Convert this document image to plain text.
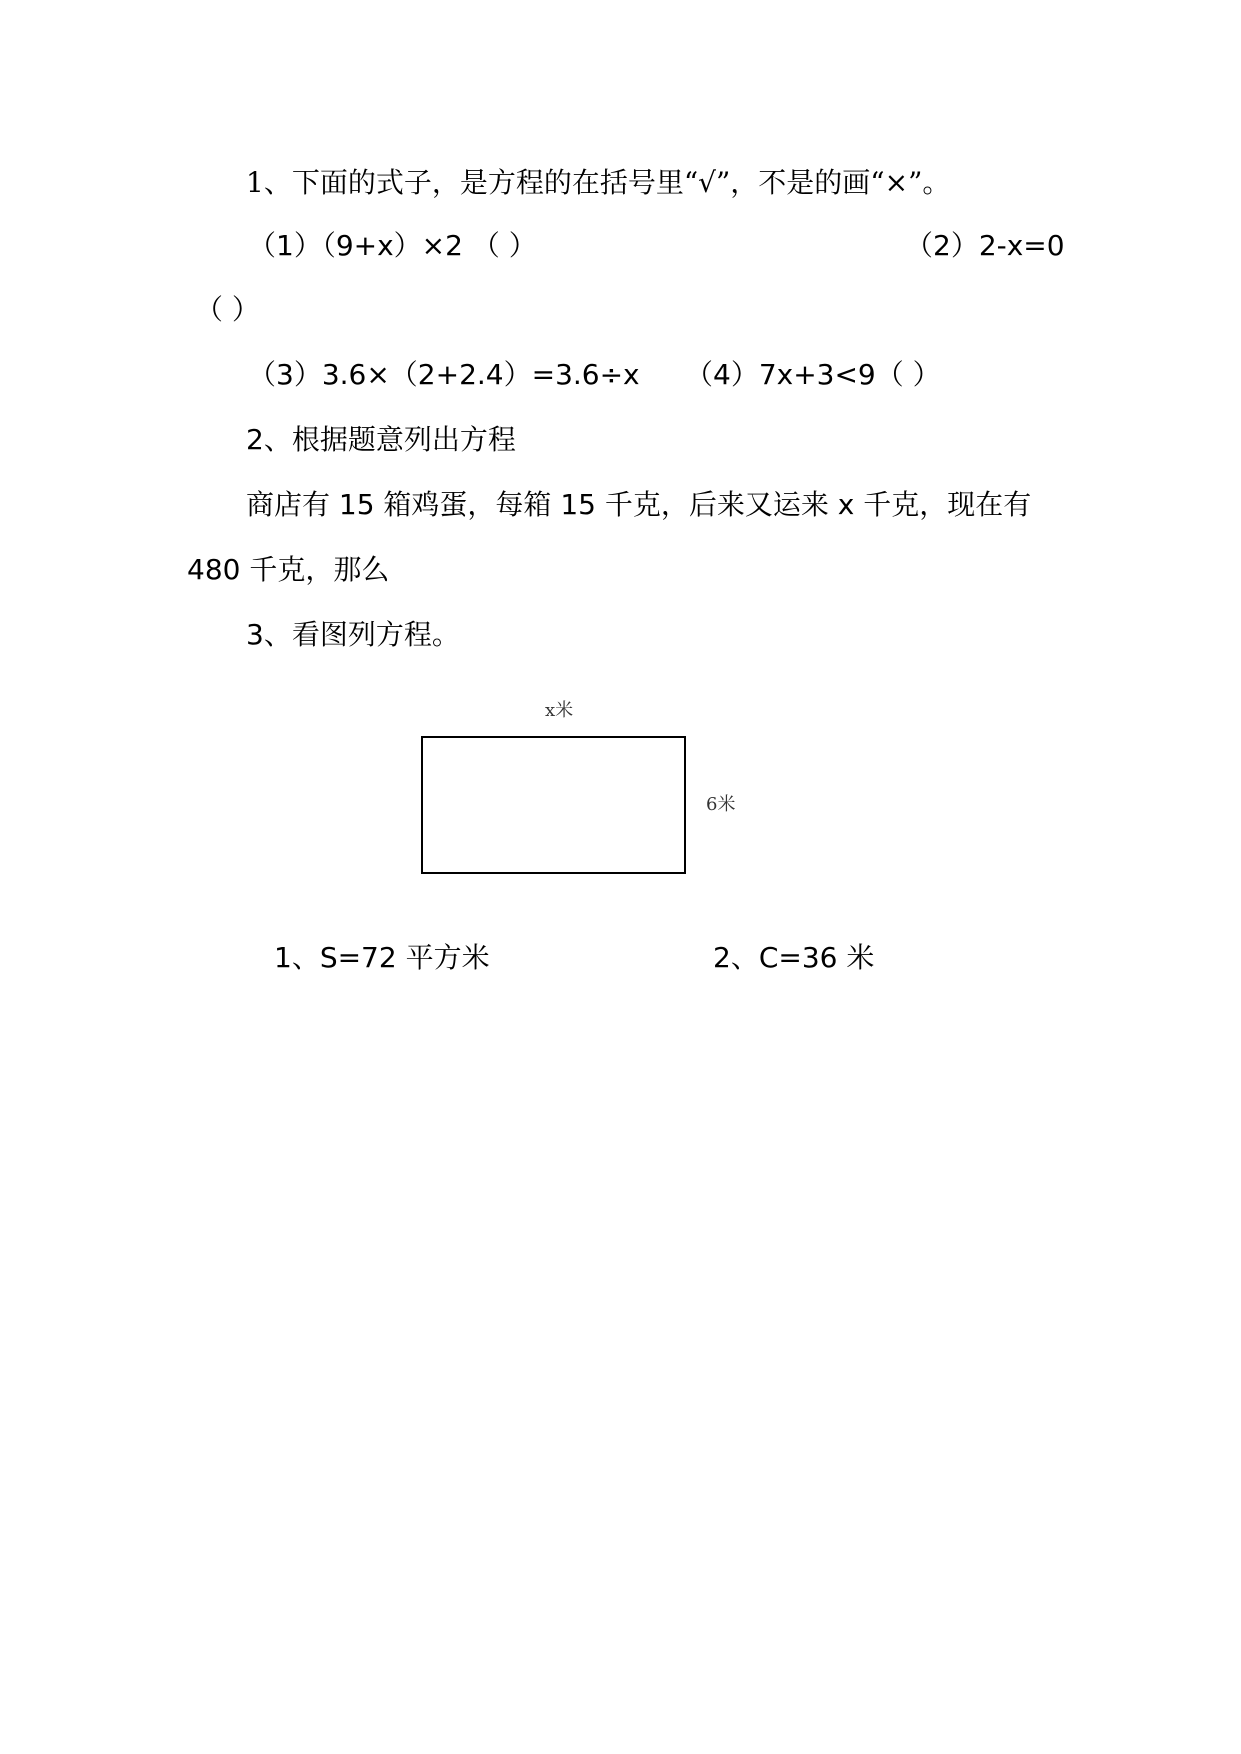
1、下面的式子，是方程的在括号里“√”，不是的画“×”。
（1）（9+x）×2 （ ）	（2）2-x=0
（ ）
（3）3.6×（2+2.4）=3.6÷x （4）7x+3<9（ ）
2、根据题意列出方程
商店有 15 箱鸡蛋，每箱 15 千克，后来又运来 x 千克，现在有
480 千克，那么
3、看图列方程。
x米
6米
1、S=72 平方米	2、C=36 米
